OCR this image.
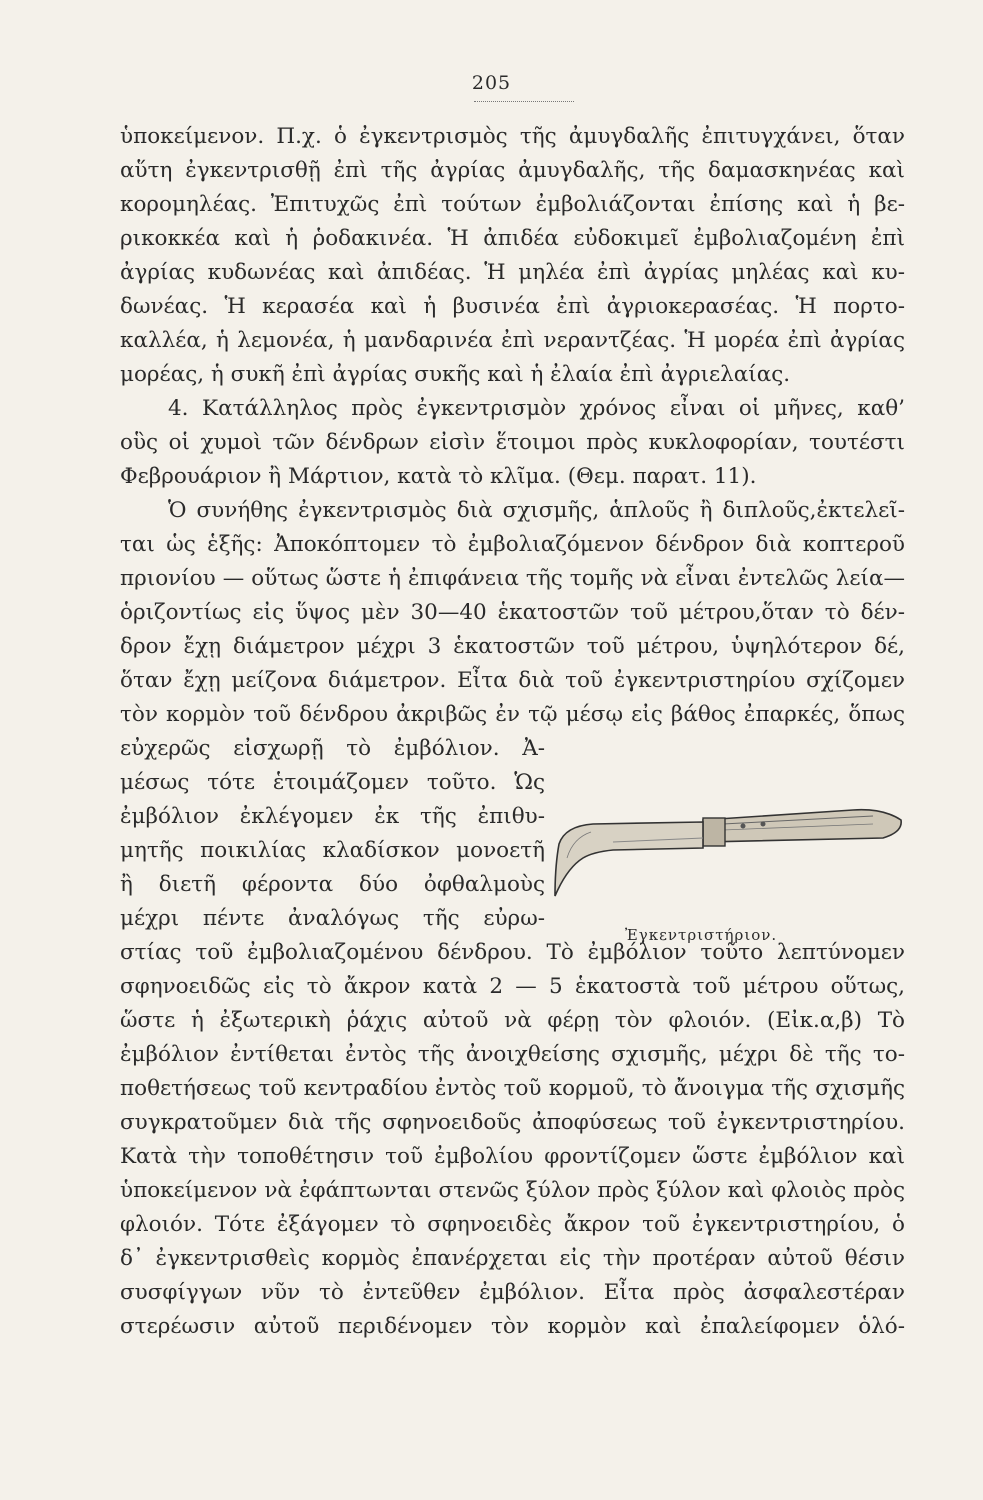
205
ὑποκείμενον. Π.χ. ὁ ἐγκεντρισμὸς τῆς ἀμυγδαλῆς ἐπιτυγχάνει, ὅταν
αὕτη ἐγκεντρισθῇ ἐπὶ τῆς ἀγρίας ἀμυγδαλῆς, τῆς δαμασκηνέας καὶ
κορομηλέας. Ἐπιτυχῶς ἐπὶ τούτων ἐμβολιάζονται ἐπίσης καὶ ἡ βε-
ρικοκκέα καὶ ἡ ῥοδακινέα. Ἡ ἀπιδέα εὐδοκιμεῖ ἐμβολιαζομένη ἐπὶ
ἀγρίας κυδωνέας καὶ ἀπιδέας. Ἡ μηλέα ἐπὶ ἀγρίας μηλέας καὶ κυ-
δωνέας. Ἡ κερασέα καὶ ἡ βυσινέα ἐπὶ ἀγριοκερασέας. Ἡ πορτο-
καλλέα, ἡ λεμονέα, ἡ μανδαρινέα ἐπὶ νεραντζέας. Ἡ μορέα ἐπὶ ἀγρίας
μορέας, ἡ συκῆ ἐπὶ ἀγρίας συκῆς καὶ ἡ ἐλαία ἐπὶ ἀγριελαίας.
4. Κατάλληλος πρὸς ἐγκεντρισμὸν χρόνος εἶναι οἱ μῆνες, καθ’
οὓς οἱ χυμοὶ τῶν δένδρων εἰσὶν ἕτοιμοι πρὸς κυκλοφορίαν, τουτέστι
Φεβρουάριον ἢ Μάρτιον, κατὰ τὸ κλῖμα. (Θεμ. παρατ. 11).
Ὁ συνήθης ἐγκεντρισμὸς διὰ σχισμῆς, ἁπλοῦς ἢ διπλοῦς,ἐκτελεῖ-
ται ὡς ἑξῆς: Ἀποκόπτομεν τὸ ἐμβολιαζόμενον δένδρον διὰ κοπτεροῦ
πριονίου — οὕτως ὥστε ἡ ἐπιφάνεια τῆς τομῆς νὰ εἶναι ἐντελῶς λεία—
ὁριζοντίως εἰς ὕψος μὲν 30—40 ἑκατοστῶν τοῦ μέτρου,ὅταν τὸ δέν-
δρον ἔχῃ διάμετρον μέχρι 3 ἑκατοστῶν τοῦ μέτρου, ὑψηλότερον δέ,
ὅταν ἔχῃ μείζονα διάμετρον. Εἶτα διὰ τοῦ ἐγκεντριστηρίου σχίζομεν
τὸν κορμὸν τοῦ δένδρου ἀκριβῶς ἐν τῷ μέσῳ εἰς βάθος ἐπαρκές, ὅπως
εὐχερῶς εἰσχωρῇ τὸ ἐμβόλιον. Ἀ-
μέσως τότε ἑτοιμάζομεν τοῦτο. Ὡς
ἐμβόλιον ἐκλέγομεν ἐκ τῆς ἐπιθυ-
μητῆς ποικιλίας κλαδίσκον μονοετῆ
ἢ διετῆ φέροντα δύο ὀφθαλμοὺς
μέχρι πέντε ἀναλόγως τῆς εὐρω-
στίας τοῦ ἐμβολιαζομένου δένδρου. Τὸ ἐμβόλιον τοῦτο λεπτύνομεν
σφηνοειδῶς εἰς τὸ ἄκρον κατὰ 2 — 5 ἑκατοστὰ τοῦ μέτρου οὕτως,
ὥστε ἡ ἐξωτερικὴ ῥάχις αὐτοῦ νὰ φέρῃ τὸν φλοιόν. (Εἰκ.α,β) Τὸ
ἐμβόλιον ἐντίθεται ἐντὸς τῆς ἀνοιχθείσης σχισμῆς, μέχρι δὲ τῆς το-
ποθετήσεως τοῦ κεντραδίου ἐντὸς τοῦ κορμοῦ, τὸ ἄνοιγμα τῆς σχισμῆς
συγκρατοῦμεν διὰ τῆς σφηνοειδοῦς ἀποφύσεως τοῦ ἐγκεντριστηρίου.
Κατὰ τὴν τοποθέτησιν τοῦ ἐμβολίου φροντίζομεν ὥστε ἐμβόλιον καὶ
ὑποκείμενον νὰ ἐφάπτωνται στενῶς ξύλον πρὸς ξύλον καὶ φλοιὸς πρὸς
φλοιόν. Τότε ἐξάγομεν τὸ σφηνοειδὲς ἄκρον τοῦ ἐγκεντριστηρίου, ὁ
δ᾽ ἐγκεντρισθεὶς κορμὸς ἐπανέρχεται εἰς τὴν προτέραν αὐτοῦ θέσιν
συσφίγγων νῦν τὸ ἐντεῦθεν ἐμβόλιον. Εἶτα πρὸς ἀσφαλεστέραν
στερέωσιν αὐτοῦ περιδένομεν τὸν κορμὸν καὶ ἐπαλείφομεν ὁλό-
Ἐγκεντριστήριον.
